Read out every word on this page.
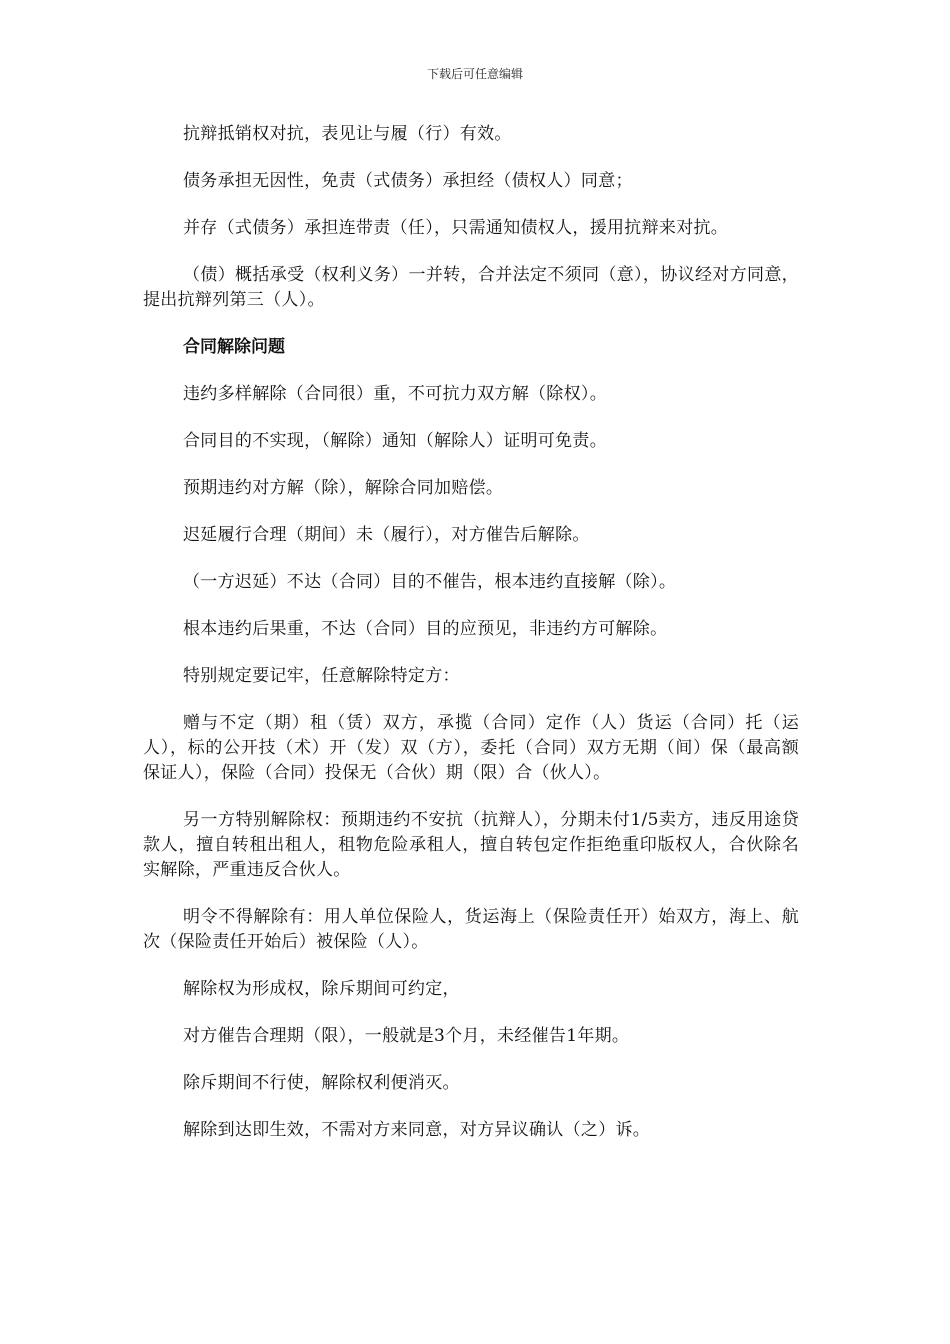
下载后可任意编辑

抗辩抵销权对抗，表见让与履（行）有效。

债务承担无因性，免责（式债务）承担经（债权人）同意；

并存（式债务）承担连带责（任），只需通知债权人，援用抗辩来对抗。

（债）概括承受（权利义务）一并转，合并法定不须同（意），协议经对方同意，提出抗辩列第三（人）。

合同解除问题

违约多样解除（合同很）重，不可抗力双方解（除权）。

合同目的不实现，（解除）通知（解除人）证明可免责。

预期违约对方解（除），解除合同加赔偿。

迟延履行合理（期间）未（履行），对方催告后解除。

（一方迟延）不达（合同）目的不催告，根本违约直接解（除）。

根本违约后果重，不达（合同）目的应预见，非违约方可解除。

特别规定要记牢，任意解除特定方：

赠与不定（期）租（赁）双方，承揽（合同）定作（人）货运（合同）托（运人），标的公开技（术）开（发）双（方），委托（合同）双方无期（间）保（最高额保证人），保险（合同）投保无（合伙）期（限）合（伙人）。

另一方特别解除权：预期违约不安抗（抗辩人），分期未付1/5卖方，违反用途贷款人，擅自转租出租人，租物危险承租人，擅自转包定作拒绝重印版权人，合伙除名实解除，严重违反合伙人。

明令不得解除有：用人单位保险人，货运海上（保险责任开）始双方，海上、航次（保险责任开始后）被保险（人）。

解除权为形成权，除斥期间可约定，

对方催告合理期（限），一般就是3个月，未经催告1年期。

除斥期间不行使，解除权利便消灭。

解除到达即生效，不需对方来同意，对方异议确认（之）诉。
